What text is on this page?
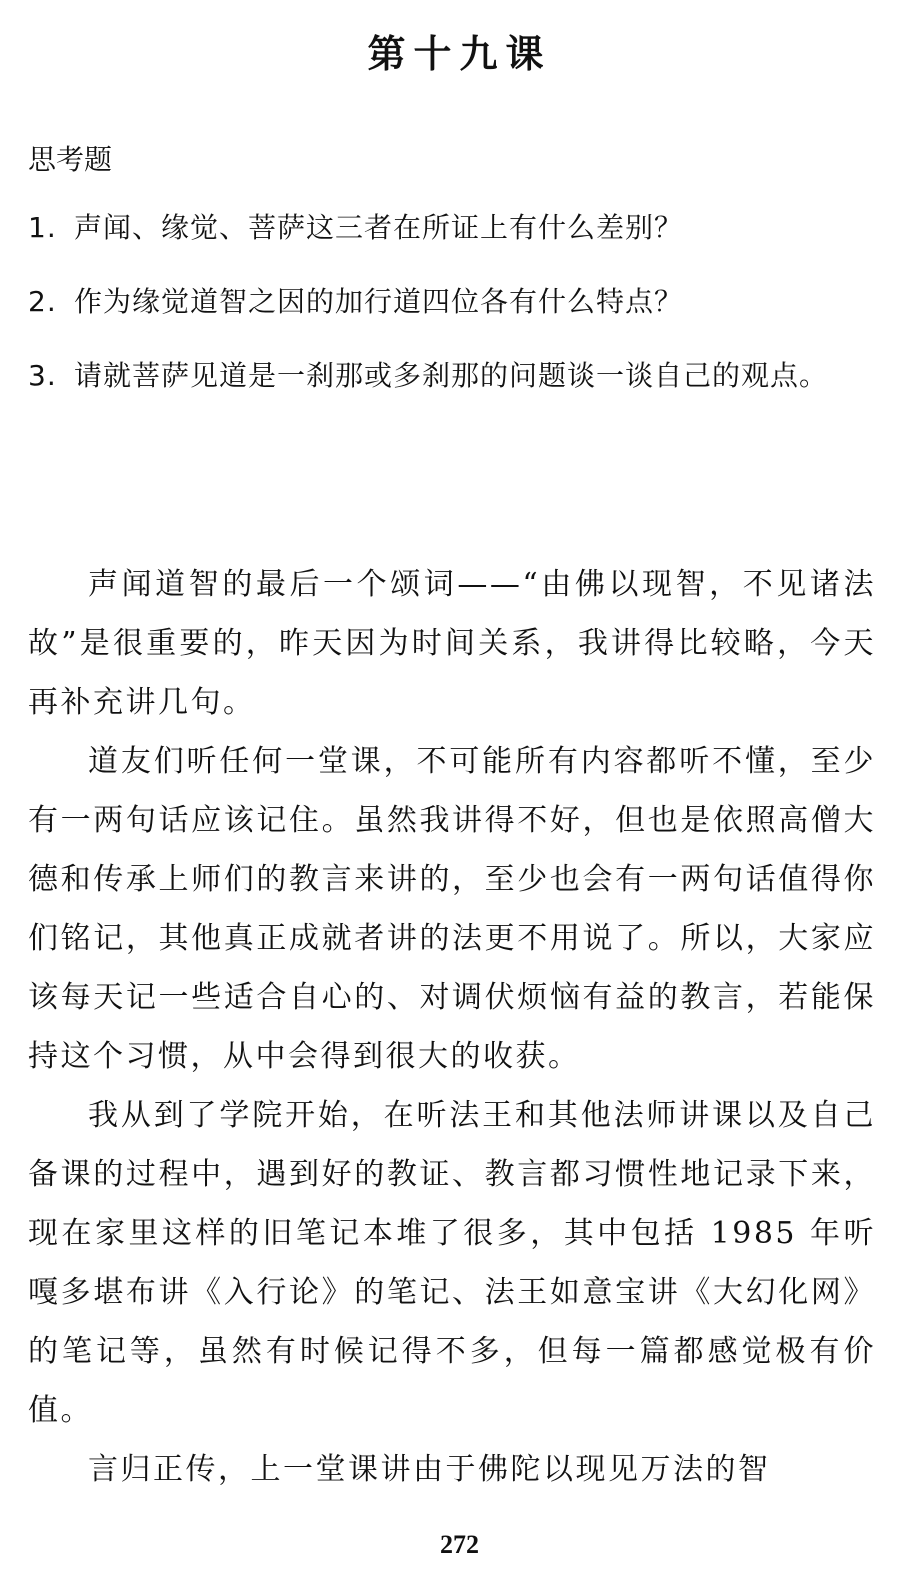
第十九课
思考题
1. 声闻、缘觉、菩萨这三者在所证上有什么差别？
2. 作为缘觉道智之因的加行道四位各有什么特点？
3. 请就菩萨见道是一刹那或多刹那的问题谈一谈自己的观点。

声闻道智的最后一个颂词——“由佛以现智，不见诸法故”是很重要的，昨天因为时间关系，我讲得比较略，今天再补充讲几句。

道友们听任何一堂课，不可能所有内容都听不懂，至少有一两句话应该记住。虽然我讲得不好，但也是依照高僧大德和传承上师们的教言来讲的，至少也会有一两句话值得你们铭记，其他真正成就者讲的法更不用说了。所以，大家应该每天记一些适合自心的、对调伏烦恼有益的教言，若能保持这个习惯，从中会得到很大的收获。

我从到了学院开始，在听法王和其他法师讲课以及自己备课的过程中，遇到好的教证、教言都习惯性地记录下来，现在家里这样的旧笔记本堆了很多，其中包括 1985 年听嘎多堪布讲《入行论》的笔记、法王如意宝讲《大幻化网》的笔记等，虽然有时候记得不多，但每一篇都感觉极有价值。

言归正传，上一堂课讲由于佛陀以现见万法的智

272
